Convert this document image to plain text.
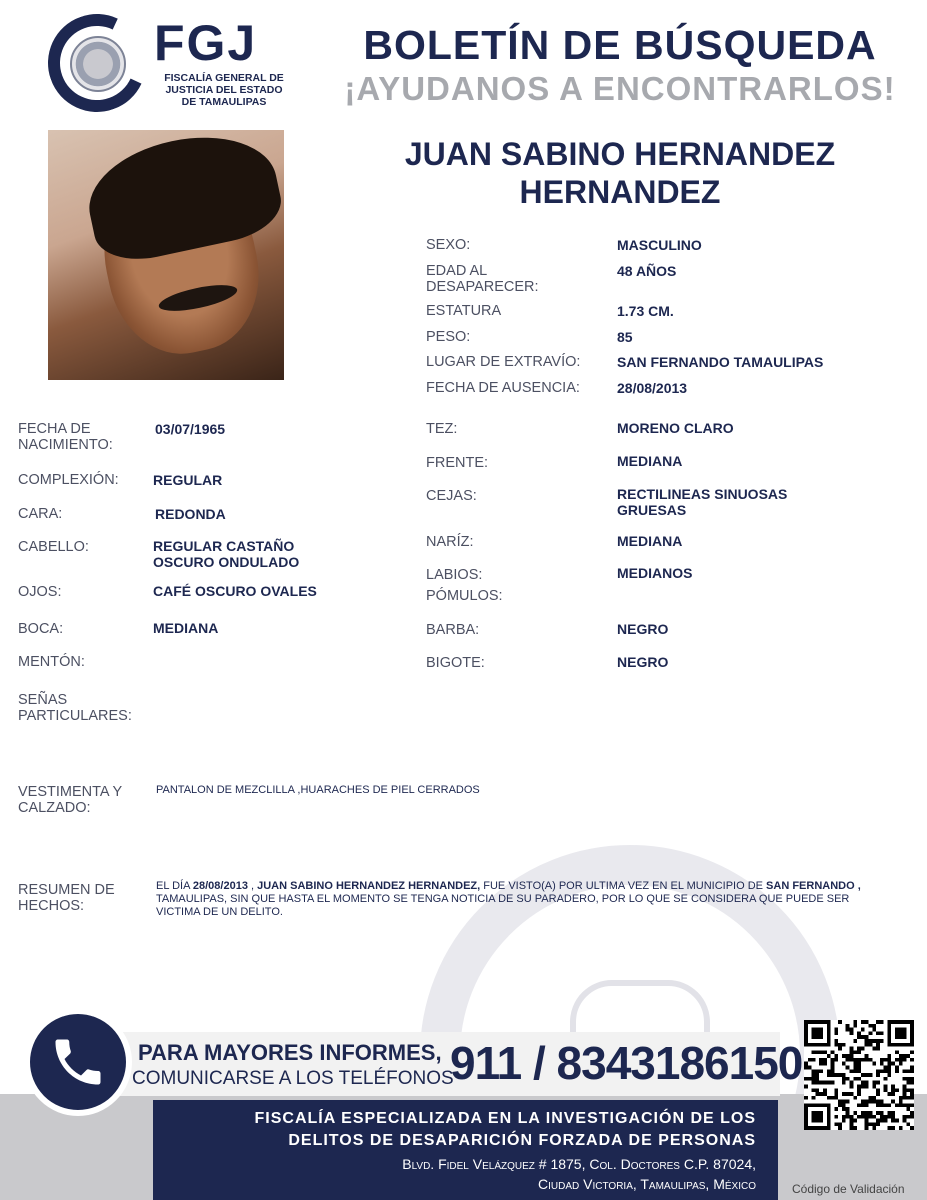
FGJ
FISCALÍA GENERAL DE
JUSTICIA DEL ESTADO
DE TAMAULIPAS
BOLETÍN DE BÚSQUEDA
¡AYUDANOS A ENCONTRARLOS!
JUAN SABINO HERNANDEZ
HERNANDEZ
SEXO:	MASCULINO
EDAD AL DESAPARECER:
48 AÑOS
ESTATURA	1.73 CM.
PESO:	85
LUGAR DE EXTRAVÍO:	SAN FERNANDO TAMAULIPAS
FECHA DE AUSENCIA:	28/08/2013
FECHA DE NACIMIENTO:
03/07/1965
COMPLEXIÓN: REGULAR
CARA:	REDONDA
CABELLO:	REGULAR CASTAÑO OSCURO ONDULADO
OJOS:	CAFÉ OSCURO OVALES
BOCA:	MEDIANA
MENTÓN:
SEÑAS PARTICULARES:
TEZ:	MORENO CLARO
FRENTE:	MEDIANA
CEJAS:	RECTILINEAS SINUOSAS GRUESAS
NARÍZ:	MEDIANA
LABIOS:	MEDIANOS
PÓMULOS:
BARBA:	NEGRO
BIGOTE:	NEGRO
VESTIMENTA Y CALZADO:
PANTALON DE MEZCLILLA ,HUARACHES DE PIEL CERRADOS
RESUMEN DE HECHOS:
EL DÍA 28/08/2013 , JUAN SABINO HERNANDEZ HERNANDEZ, FUE VISTO(A) POR ULTIMA VEZ EN EL MUNICIPIO DE SAN FERNANDO , TAMAULIPAS, SIN QUE HASTA EL MOMENTO SE TENGA NOTICIA DE SU PARADERO, POR LO QUE SE CONSIDERA QUE PUEDE SER VICTIMA DE UN DELITO.
PARA MAYORES INFORMES,
COMUNICARSE A LOS TELÉFONOS
911 / 8343186150
FISCALÍA ESPECIALIZADA EN LA INVESTIGACIÓN DE LOS
DELITOS DE DESAPARICIÓN FORZADA DE PERSONAS
Blvd. Fidel Velázquez # 1875, Col. Doctores C.P. 87024,
Ciudad Victoria, Tamaulipas, México	Código de Validación
